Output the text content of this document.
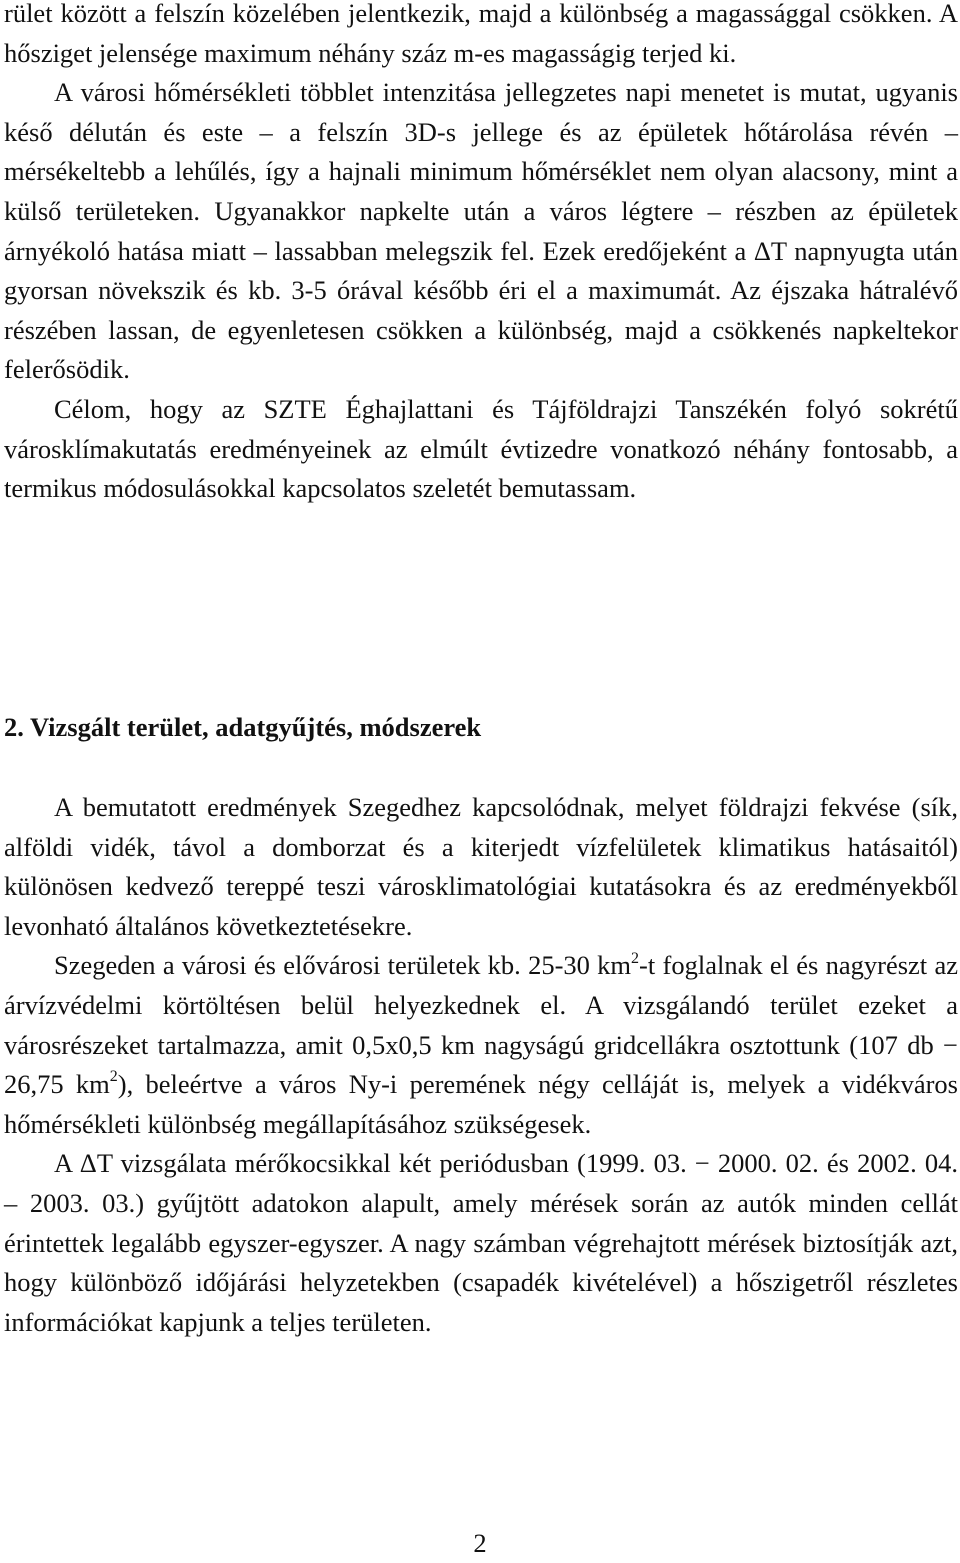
rület között a felszín közelében jelentkezik, majd a különbség a magassággal csökken. A hősziget jelensége maximum néhány száz m-es magasságig terjed ki.

A városi hőmérsékleti többlet intenzitása jellegzetes napi menetet is mutat, ugyanis késő délután és este – a felszín 3D-s jellege és az épületek hőtárolása révén – mérsékeltebb a lehűlés, így a hajnali minimum hőmérséklet nem olyan alacsony, mint a külső területeken. Ugyanakkor napkelte után a város légtere – részben az épületek árnyékoló hatása miatt – lassabban melegszik fel. Ezek eredőjeként a ΔT napnyugta után gyorsan növekszik és kb. 3-5 órával később éri el a maximumát. Az éjszaka hátralévő részében lassan, de egyenletesen csökken a különbség, majd a csökkenés napkeltekor felerősödik.

Célom, hogy az SZTE Éghajlattani és Tájföldrajzi Tanszékén folyó sokrétű városklímakutatás eredményeinek az elmúlt évtizedre vonatkozó néhány fontosabb, a termikus módosulásokkal kapcsolatos szeletét bemutassam.

2. Vizsgált terület, adatgyűjtés, módszerek

A bemutatott eredmények Szegedhez kapcsolódnak, melyet földrajzi fekvése (sík, alföldi vidék, távol a domborzat és a kiterjedt vízfelületek klimatikus hatásaitól) különösen kedvező tereppé teszi városklimatológiai kutatásokra és az eredményekből levonható általános következtetésekre.

Szegeden a városi és elővárosi területek kb. 25-30 $km^2-t$ foglalnak el és nagyrészt az árvízvédelmi körtöltésen belül helyezkednek el. A vizsgálandó terület ezeket a városrészeket tartalmazza, amit 0,5x0,5 km nagyságú gridcellákra osztottunk (107 db − 26,75 $km^2$), beleértve a város Ny-i peremének négy celláját is, melyek a vidékváros hőmérsékleti különbség megállapításához szükségesek.

A ΔT vizsgálata mérőkocsikkal két periódusban (1999. 03. − 2000. 02. és 2002. 04. – 2003. 03.) gyűjtött adatokon alapult, amely mérések során az autók minden cellát érintettek legalább egyszer-egyszer. A nagy számban végrehajtott mérések biztosítják azt, hogy különböző időjárási helyzetekben (csapadék kivételével) a hőszigetről részletes információkat kapjunk a teljes területen.

2
